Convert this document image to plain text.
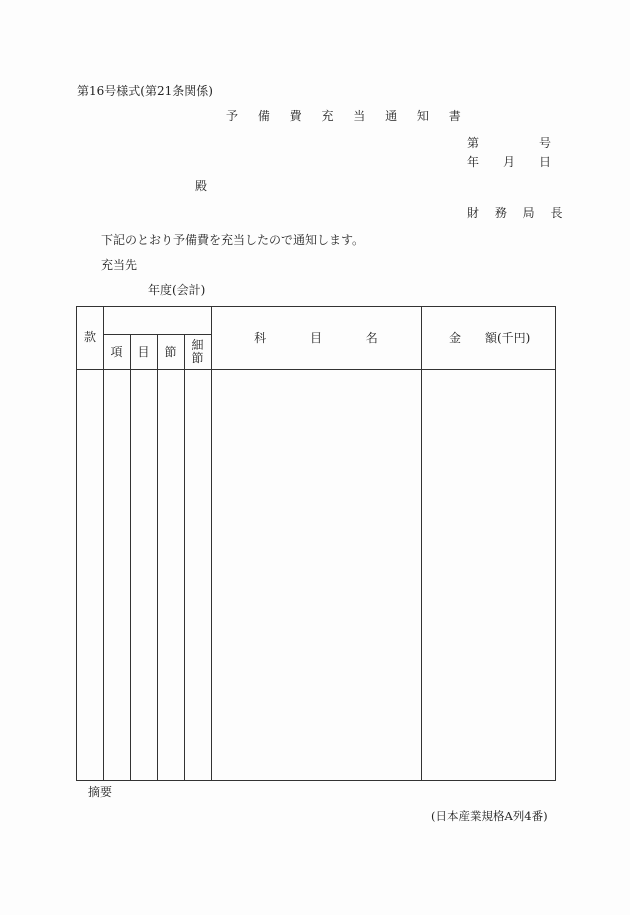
第16号様式(第21条関係)
予 備 費 充 当 通 知 書
第	号
年 月 日
殿
財 務 局 長
下記のとおり予備費を充当したので通知します。
充当先
年度(会計)
款
項	目	節	細
節
科 目 名	金 額(千円)
摘要
(日本産業規格A列4番)
